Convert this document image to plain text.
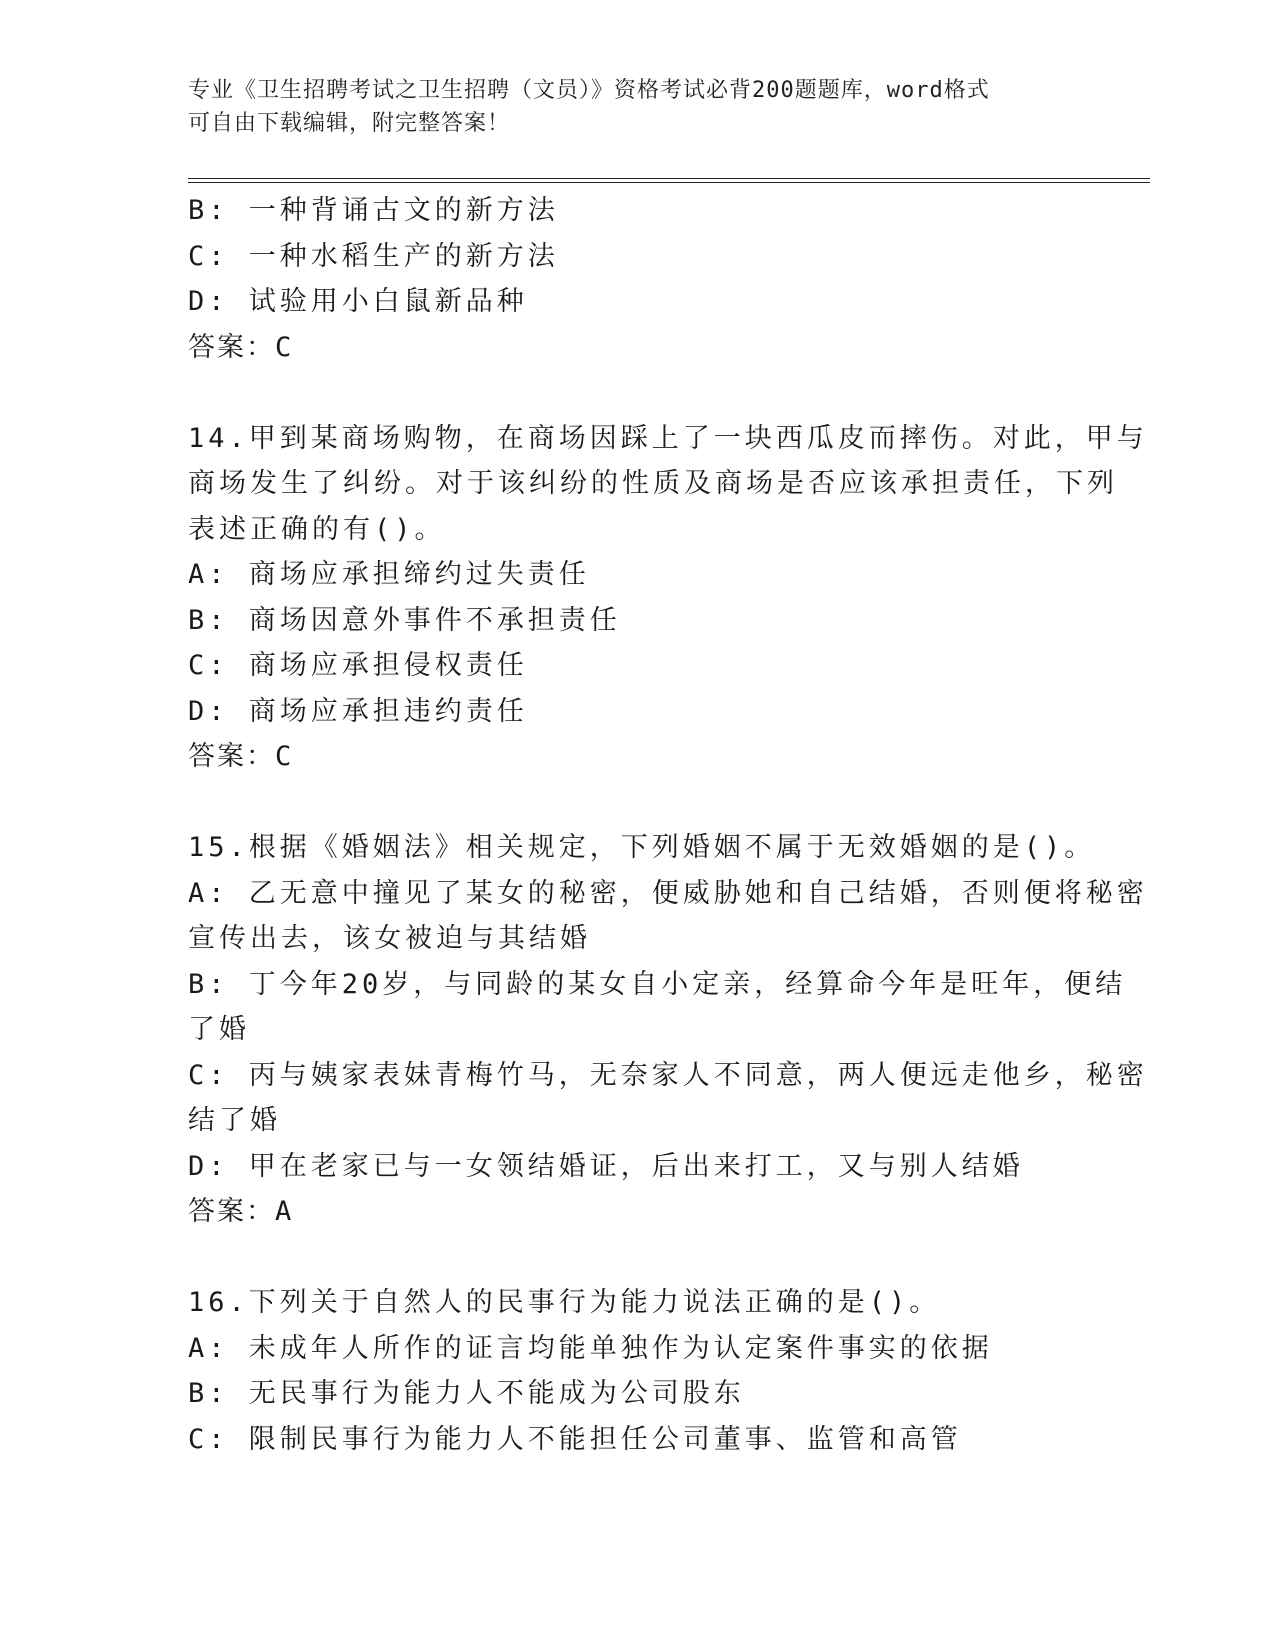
专业《卫生招聘考试之卫生招聘（文员）》资格考试必背200题题库，word格式
可自由下载编辑，附完整答案！
B: 一种背诵古文的新方法
C: 一种水稻生产的新方法
D: 试验用小白鼠新品种
答案：C
14.甲到某商场购物，在商场因踩上了一块西瓜皮而摔伤。对此，甲与
商场发生了纠纷。对于该纠纷的性质及商场是否应该承担责任，下列
表述正确的有()。
A: 商场应承担缔约过失责任
B: 商场因意外事件不承担责任
C: 商场应承担侵权责任
D: 商场应承担违约责任
答案：C
15.根据《婚姻法》相关规定，下列婚姻不属于无效婚姻的是()。
A: 乙无意中撞见了某女的秘密，便威胁她和自己结婚，否则便将秘密
宣传出去，该女被迫与其结婚
B: 丁今年20岁，与同龄的某女自小定亲，经算命今年是旺年，便结
了婚
C: 丙与姨家表妹青梅竹马，无奈家人不同意，两人便远走他乡，秘密
结了婚
D: 甲在老家已与一女领结婚证，后出来打工，又与别人结婚
答案：A
16.下列关于自然人的民事行为能力说法正确的是()。
A: 未成年人所作的证言均能单独作为认定案件事实的依据
B: 无民事行为能力人不能成为公司股东
C: 限制民事行为能力人不能担任公司董事、监管和高管
